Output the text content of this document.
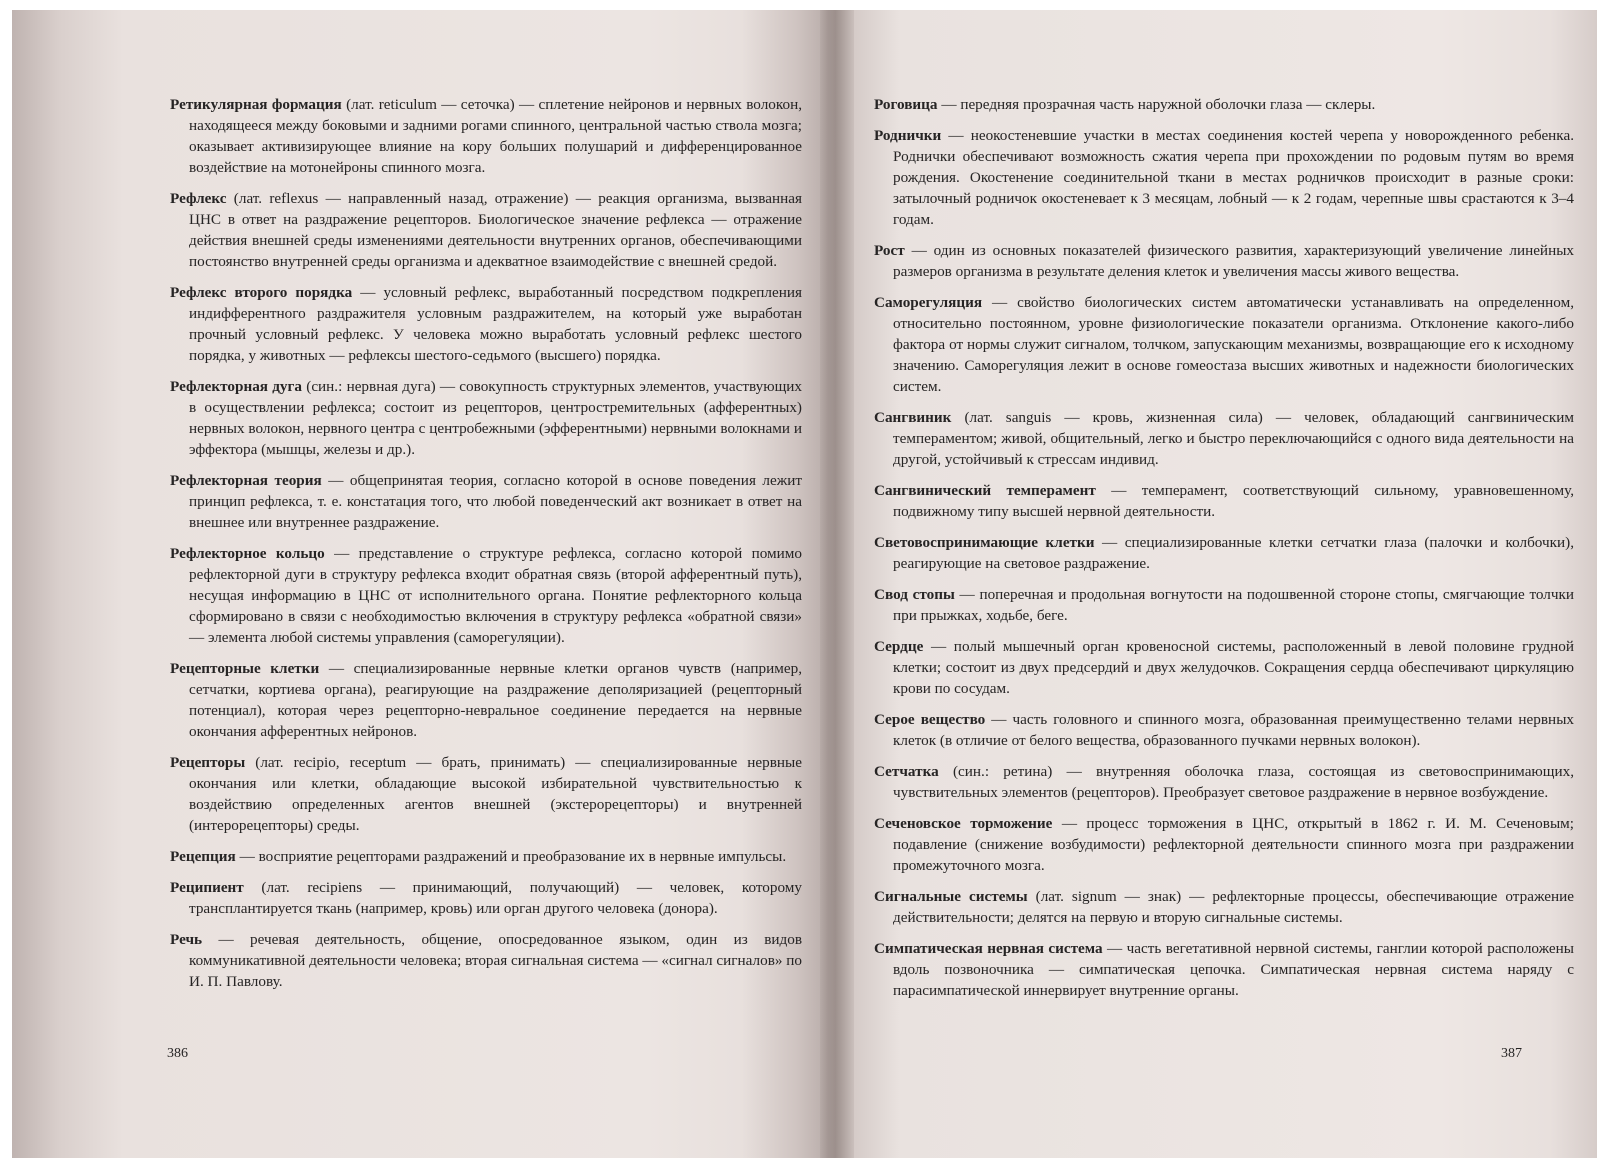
Ретикулярная формация (лат. reticulum — сеточка) — сплетение нейронов и нервных волокон, находящееся между боковыми и задними рогами спинного, центральной частью ствола мозга; оказывает активизирующее влияние на кору больших полушарий и дифференцированное воздействие на мотонейроны спинного мозга.

Рефлекс (лат. reflexus — направленный назад, отражение) — реакция организма, вызванная ЦНС в ответ на раздражение рецепторов. Биологическое значение рефлекса — отражение действия внешней среды изменениями деятельности внутренних органов, обеспечивающими постоянство внутренней среды организма и адекватное взаимодействие с внешней средой.

Рефлекс второго порядка — условный рефлекс, выработанный посредством подкрепления индифферентного раздражителя условным раздражителем, на который уже выработан прочный условный рефлекс. У человека можно выработать условный рефлекс шестого порядка, у животных — рефлексы шестого-седьмого (высшего) порядка.

Рефлекторная дуга (син.: нервная дуга) — совокупность структурных элементов, участвующих в осуществлении рефлекса; состоит из рецепторов, центростремительных (афферентных) нервных волокон, нервного центра с центробежными (эфферентными) нервными волокнами и эффектора (мышцы, железы и др.).

Рефлекторная теория — общепринятая теория, согласно которой в основе поведения лежит принцип рефлекса, т. е. констатация того, что любой поведенческий акт возникает в ответ на внешнее или внутреннее раздражение.

Рефлекторное кольцо — представление о структуре рефлекса, согласно которой помимо рефлекторной дуги в структуру рефлекса входит обратная связь (второй афферентный путь), несущая информацию в ЦНС от исполнительного органа. Понятие рефлекторного кольца сформировано в связи с необходимостью включения в структуру рефлекса «обратной связи» — элемента любой системы управления (саморегуляции).

Рецепторные клетки — специализированные нервные клетки органов чувств (например, сетчатки, кортиева органа), реагирующие на раздражение деполяризацией (рецепторный потенциал), которая через рецепторно-невральное соединение передается на нервные окончания афферентных нейронов.

Рецепторы (лат. recipio, receptum — брать, принимать) — специализированные нервные окончания или клетки, обладающие высокой избирательной чувствительностью к воздействию определенных агентов внешней (экстерорецепторы) и внутренней (интерорецепторы) среды.

Рецепция — восприятие рецепторами раздражений и преобразование их в нервные импульсы.

Реципиент (лат. recipiens — принимающий, получающий) — человек, которому трансплантируется ткань (например, кровь) или орган другого человека (донора).

Речь — речевая деятельность, общение, опосредованное языком, один из видов коммуникативной деятельности человека; вторая сигнальная система — «сигнал сигналов» по И. П. Павлову.

386

Роговица — передняя прозрачная часть наружной оболочки глаза — склеры.

Роднички — неокостеневшие участки в местах соединения костей черепа у новорожденного ребенка. Роднички обеспечивают возможность сжатия черепа при прохождении по родовым путям во время рождения. Окостенение соединительной ткани в местах родничков происходит в разные сроки: затылочный родничок окостеневает к 3 месяцам, лобный — к 2 годам, черепные швы срастаются к 3–4 годам.

Рост — один из основных показателей физического развития, характеризующий увеличение линейных размеров организма в результате деления клеток и увеличения массы живого вещества.

Саморегуляция — свойство биологических систем автоматически устанавливать на определенном, относительно постоянном, уровне физиологические показатели организма. Отклонение какого-либо фактора от нормы служит сигналом, толчком, запускающим механизмы, возвращающие его к исходному значению. Саморегуляция лежит в основе гомеостаза высших животных и надежности биологических систем.

Сангвиник (лат. sanguis — кровь, жизненная сила) — человек, обладающий сангвиническим темпераментом; живой, общительный, легко и быстро переключающийся с одного вида деятельности на другой, устойчивый к стрессам индивид.

Сангвинический темперамент — темперамент, соответствующий сильному, уравновешенному, подвижному типу высшей нервной деятельности.

Световоспринимающие клетки — специализированные клетки сетчатки глаза (палочки и колбочки), реагирующие на световое раздражение.

Свод стопы — поперечная и продольная вогнутости на подошвенной стороне стопы, смягчающие толчки при прыжках, ходьбе, беге.

Сердце — полый мышечный орган кровеносной системы, расположенный в левой половине грудной клетки; состоит из двух предсердий и двух желудочков. Сокращения сердца обеспечивают циркуляцию крови по сосудам.

Серое вещество — часть головного и спинного мозга, образованная преимущественно телами нервных клеток (в отличие от белого вещества, образованного пучками нервных волокон).

Сетчатка (син.: ретина) — внутренняя оболочка глаза, состоящая из световоспринимающих, чувствительных элементов (рецепторов). Преобразует световое раздражение в нервное возбуждение.

Сеченовское торможение — процесс торможения в ЦНС, открытый в 1862 г. И. М. Сеченовым; подавление (снижение возбудимости) рефлекторной деятельности спинного мозга при раздражении промежуточного мозга.

Сигнальные системы (лат. signum — знак) — рефлекторные процессы, обеспечивающие отражение действительности; делятся на первую и вторую сигнальные системы.

Симпатическая нервная система — часть вегетативной нервной системы, ганглии которой расположены вдоль позвоночника — симпатическая цепочка. Симпатическая нервная система наряду с парасимпатической иннервирует внутренние органы.

387
